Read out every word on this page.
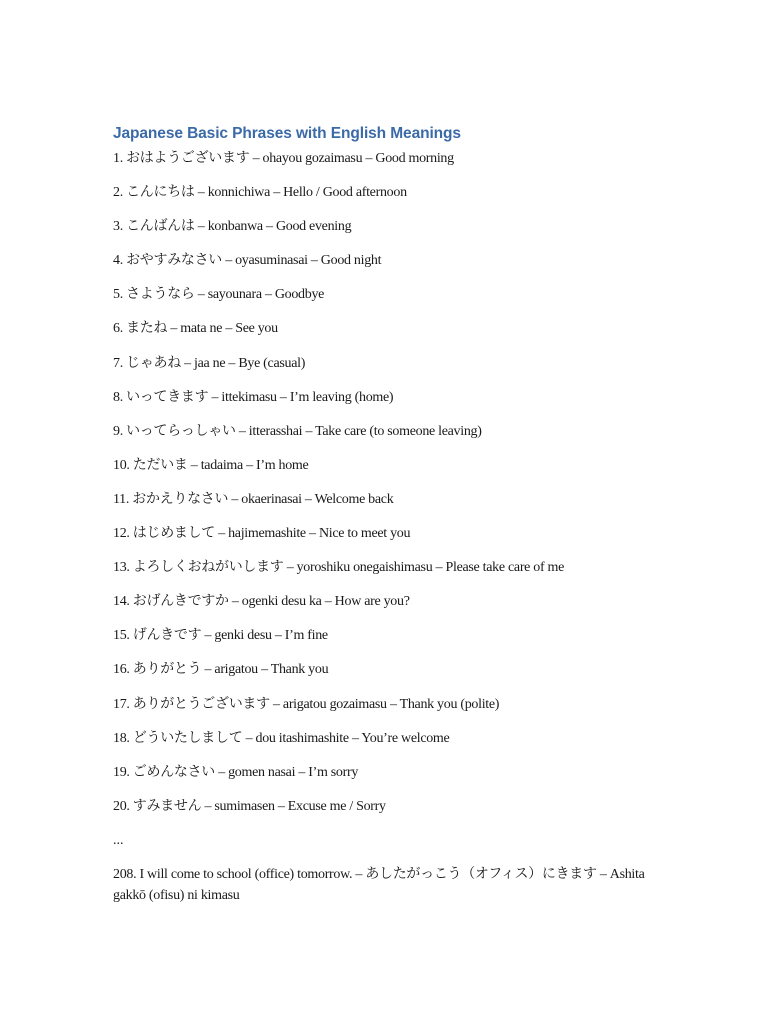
Japanese Basic Phrases with English Meanings
1. おはようございます – ohayou gozaimasu – Good morning
2. こんにちは – konnichiwa – Hello / Good afternoon
3. こんばんは – konbanwa – Good evening
4. おやすみなさい – oyasuminasai – Good night
5. さようなら – sayounara – Goodbye
6. またね – mata ne – See you
7. じゃあね – jaa ne – Bye (casual)
8. いってきます – ittekimasu – I’m leaving (home)
9. いってらっしゃい – itterasshai – Take care (to someone leaving)
10. ただいま – tadaima – I’m home
11. おかえりなさい – okaerinasai – Welcome back
12. はじめまして – hajimemashite – Nice to meet you
13. よろしくおねがいします – yoroshiku onegaishimasu – Please take care of me
14. おげんきですか – ogenki desu ka – How are you?
15. げんきです – genki desu – I’m fine
16. ありがとう – arigatou – Thank you
17. ありがとうございます – arigatou gozaimasu – Thank you (polite)
18. どういたしまして – dou itashimashite – You’re welcome
19. ごめんなさい – gomen nasai – I’m sorry
20. すみません – sumimasen – Excuse me / Sorry
...
208. I will come to school (office) tomorrow. – あしたがっこう（オフィス）にきます – Ashita gakkō (ofisu) ni kimasu
